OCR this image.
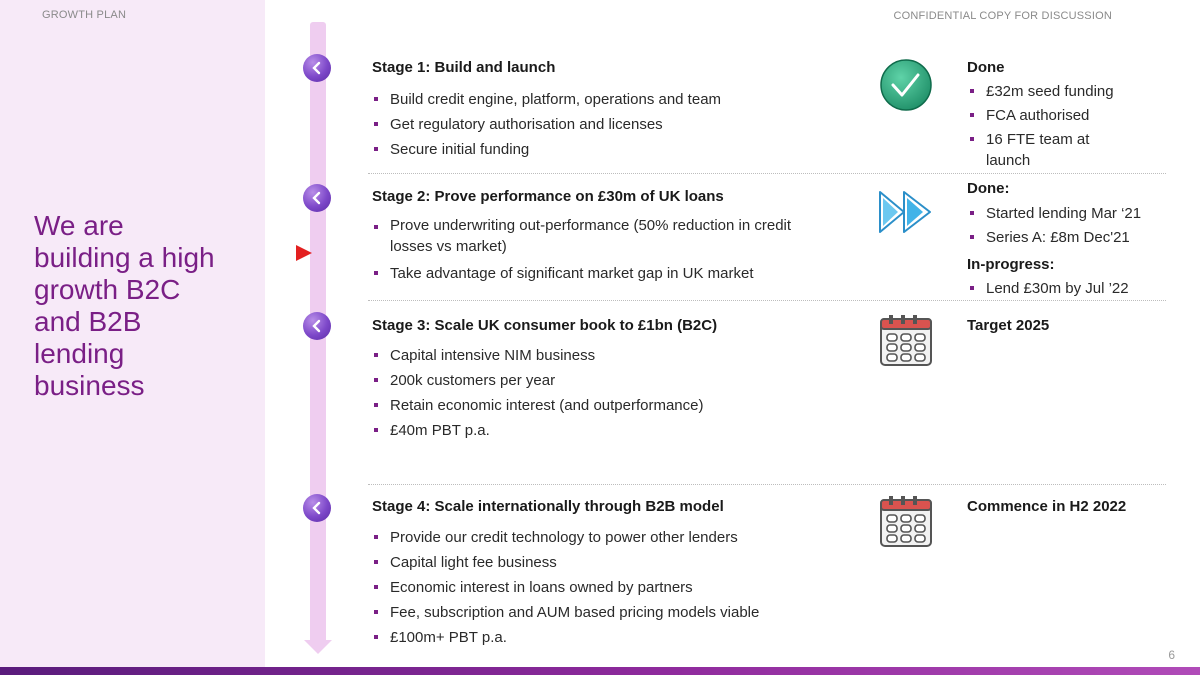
GROWTH PLAN
We are
building a high
growth B2C
and B2B
lending
business
CONFIDENTIAL COPY FOR DISCUSSION
Stage 1: Build and launch
Build credit engine, platform, operations and team
Get regulatory authorisation and licenses
Secure initial funding
Done
£32m seed funding
FCA authorised
16 FTE team at launch
Stage 2: Prove performance on £30m of UK loans
Prove underwriting out-performance (50% reduction in credit losses vs market)
Take advantage of significant market gap in UK market
Done:
Started lending Mar ‘21
Series A: £8m Dec'21
In-progress:
Lend £30m by Jul ’22
Stage 3: Scale UK consumer book to £1bn (B2C)
Capital intensive NIM business
200k customers per year
Retain economic interest (and outperformance)
£40m PBT p.a.
Target 2025
Stage 4: Scale internationally through B2B model
Provide our credit technology to power other lenders
Capital light fee business
Economic interest in loans owned by partners
Fee, subscription and AUM based pricing models viable
£100m+ PBT p.a.
Commence in H2 2022
6
